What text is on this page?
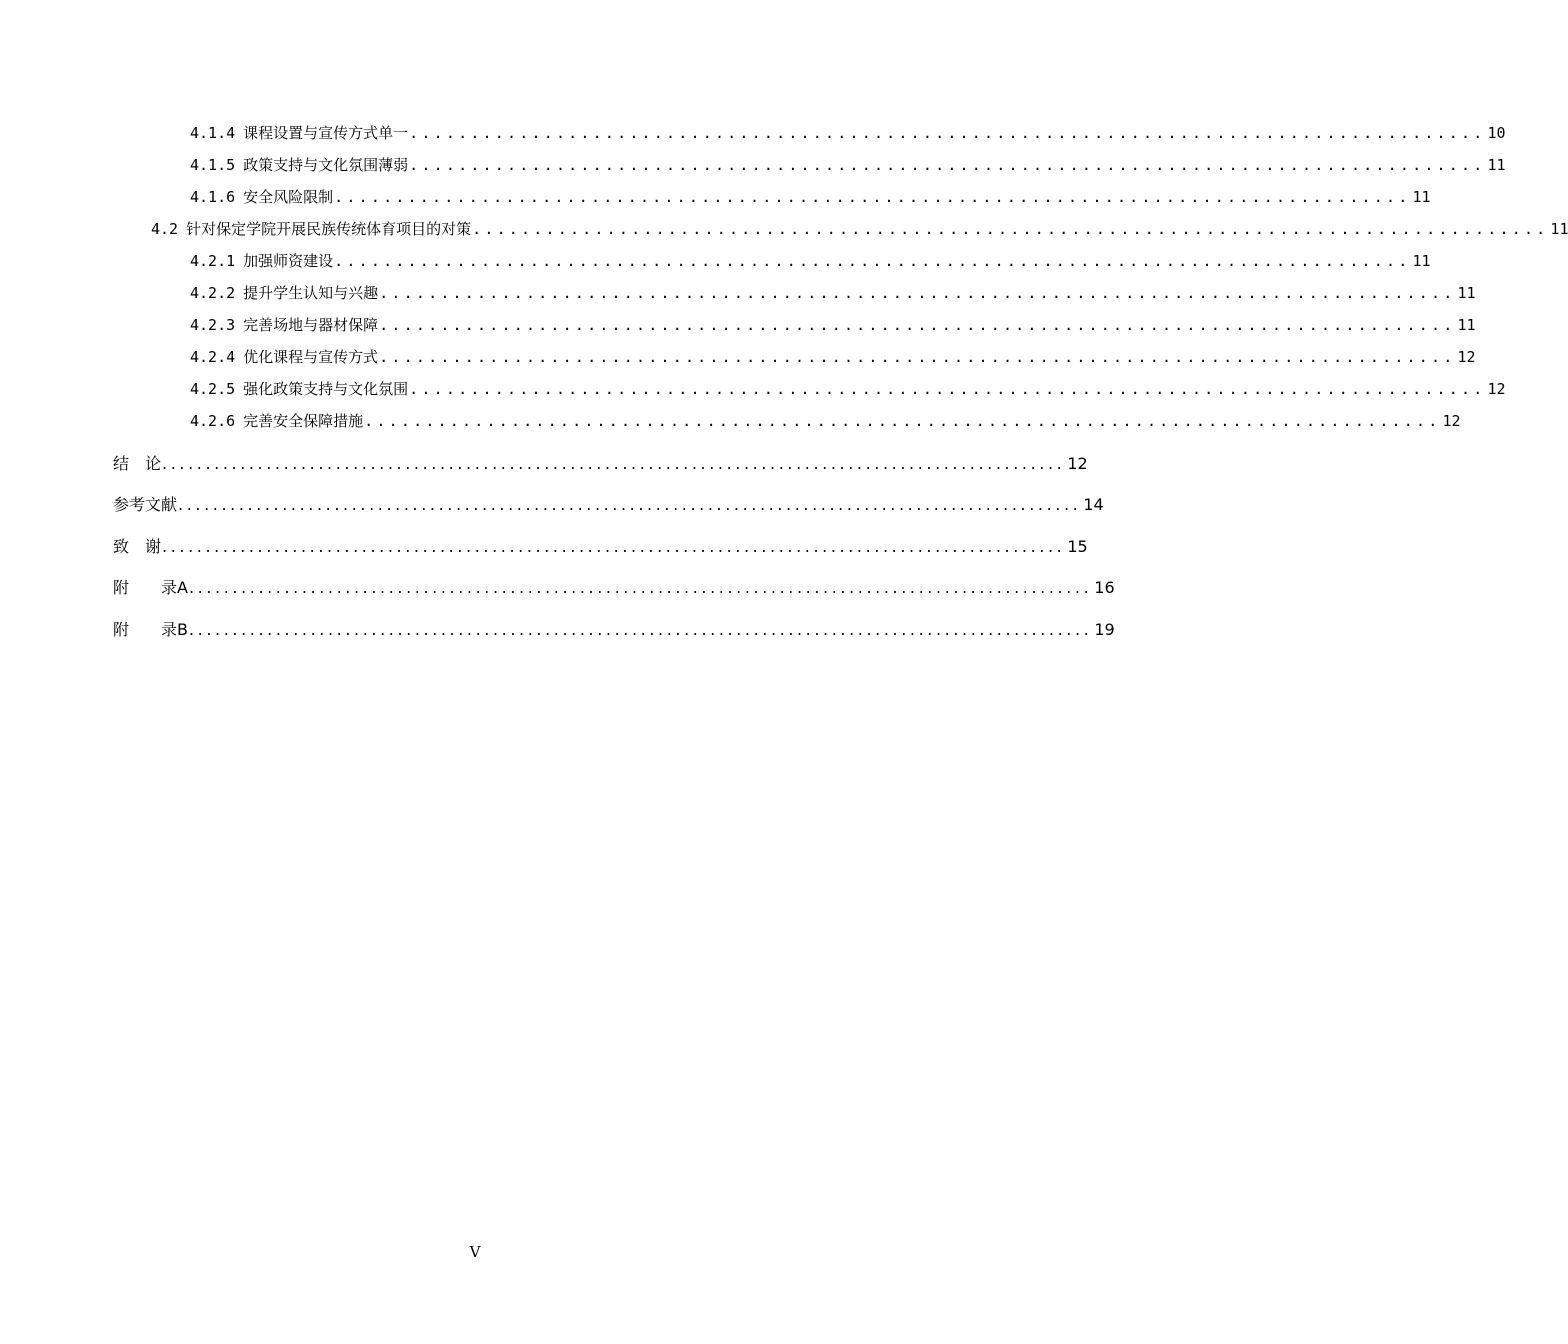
4.1.4 课程设置与宣传方式单一 ........................................................................................ 10
4.1.5 政策支持与文化氛围薄弱 ........................................................................................ 11
4.1.6 安全风险限制 ........................................................................................ 11
4.2 针对保定学院开展民族传统体育项目的对策 ........................................................................................ 11
4.2.1 加强师资建设 ........................................................................................ 11
4.2.2 提升学生认知与兴趣 ........................................................................................ 11
4.2.3 完善场地与器材保障 ........................................................................................ 11
4.2.4 优化课程与宣传方式 ........................................................................................ 12
4.2.5 强化政策支持与文化氛围 ........................................................................................ 12
4.2.6 完善安全保障措施 ........................................................................................ 12
结　论 ........................................................................................................ 12
参考文献 ........................................................................................................ 14
致　谢 ........................................................................................................ 15
附　　录A ........................................................................................................ 16
附　　录B ........................................................................................................ 19
V
